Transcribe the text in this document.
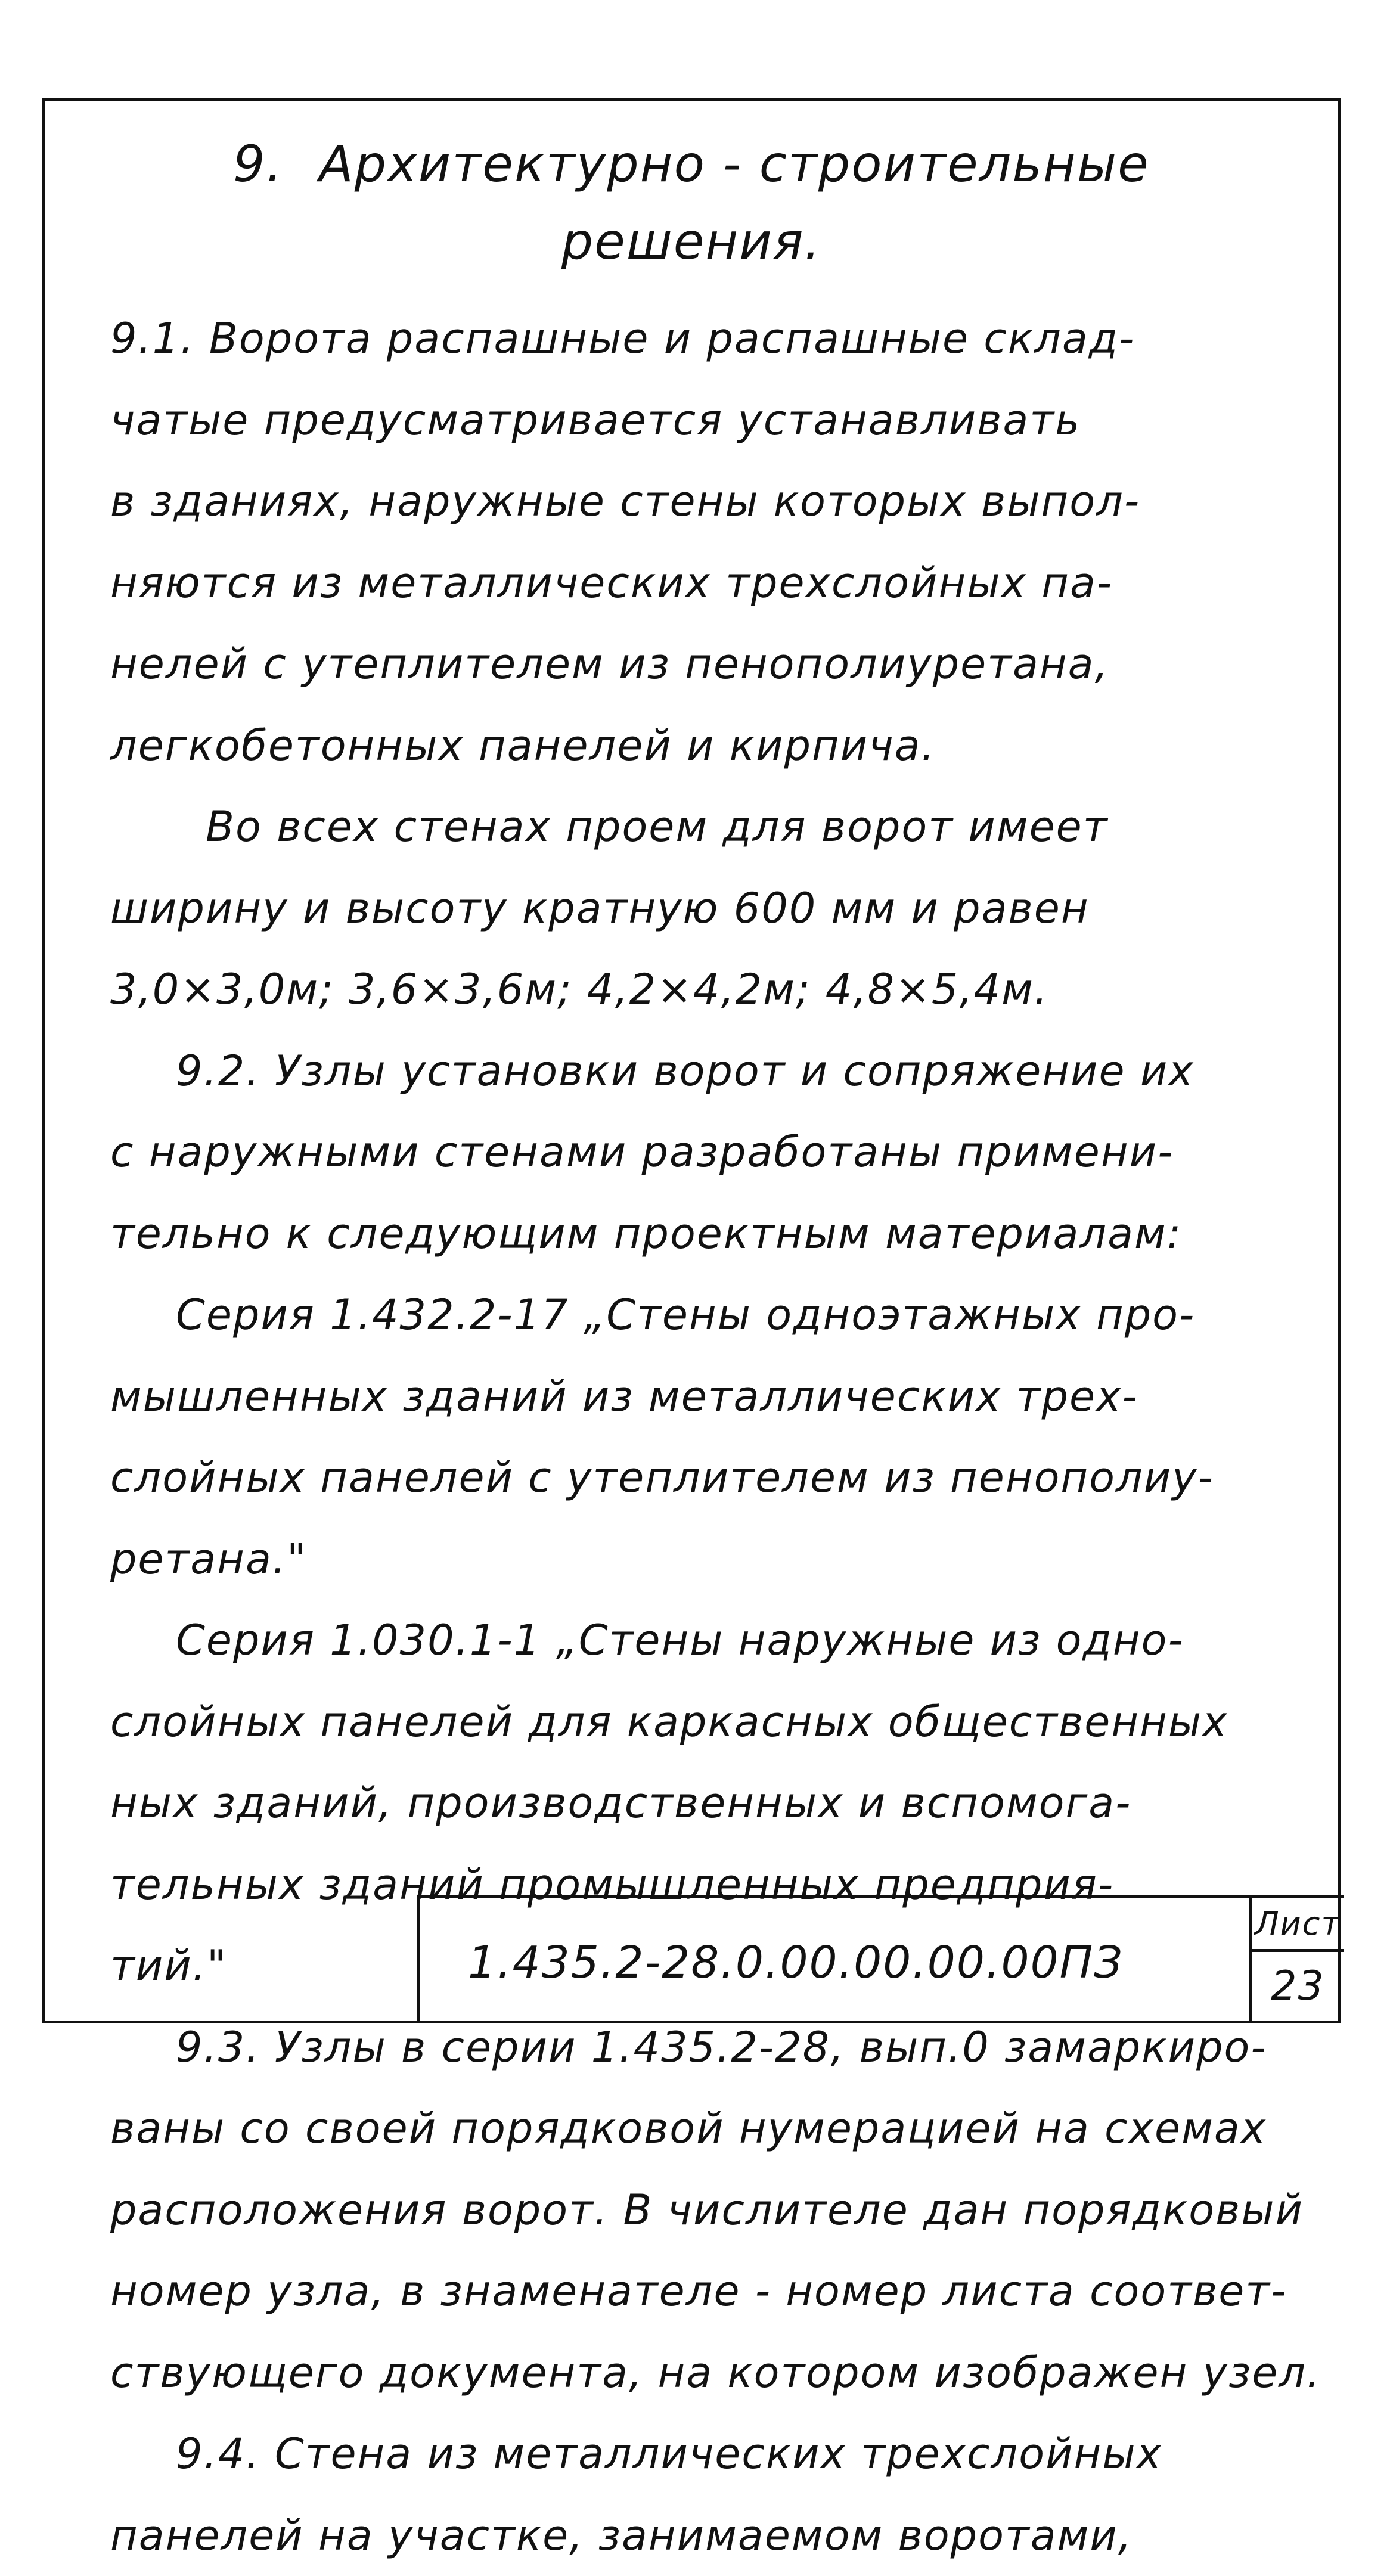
9. Архитектурно - строительные
решения.
9.1. Ворота распашные и распашные склад-
чатые предусматривается устанавливать
в зданиях, наружные стены которых выпол-
няются из металлических трехслойных па-
нелей с утеплителем из пенополиуретана,
легкобетонных панелей и кирпича.
Во всех стенах проем для ворот имеет
ширину и высоту кратную 600 мм и равен
3,0×3,0м; 3,6×3,6м; 4,2×4,2м; 4,8×5,4м.
9.2. Узлы установки ворот и сопряжение их
с наружными стенами разработаны примени-
тельно к следующим проектным материалам:
Серия 1.432.2-17 „Стены одноэтажных про-
мышленных зданий из металлических трех-
слойных панелей с утеплителем из пенополиу-
ретана."
Серия 1.030.1-1 „Стены наружные из одно-
слойных панелей для каркасных общественных
ных зданий, производственных и вспомога-
тельных зданий промышленных предприя-
тий."
9.3. Узлы в серии 1.435.2-28, вып.0 замаркиро-
ваны со своей порядковой нумерацией на схемах
расположения ворот. В числителе дан порядковый
номер узла, в знаменателе - номер листа соответ-
ствующего документа, на котором изображен узел.
9.4. Стена из металлических трехслойных
панелей на участке, занимаемом воротами,
1.435.2-28.0.00.00.00.00ПЗ
Лист
23
